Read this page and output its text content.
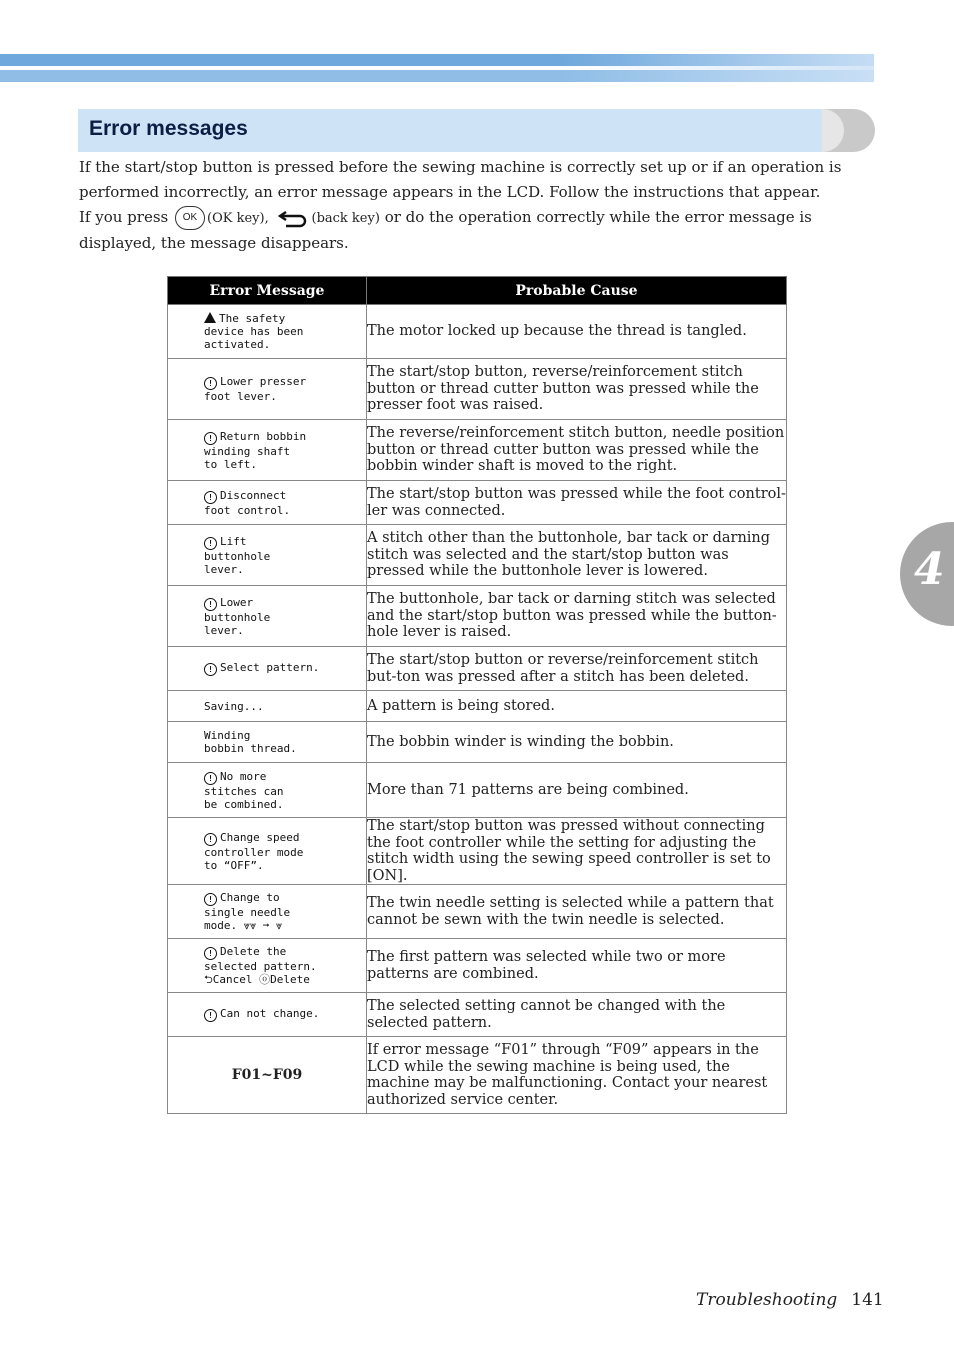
Error messages

If the start/stop button is pressed before the sewing machine is correctly set up or if an operation is performed incorrectly, an error message appears in the LCD. Follow the instructions that appear.

If you press OK (OK key),	(back key) or do the operation correctly while the error message is displayed, the message disappears.

Error Message	Probable Cause

The safety
device has been
activated.	The motor locked up because the thread is tangled.

! Lower presser
foot lever.	The start/stop button, reverse/reinforcement stitch button or thread cutter button was pressed while the presser foot was raised.

! Return bobbin
winding shaft
to left.	The reverse/reinforcement stitch button, needle position button or thread cutter button was pressed while the bobbin winder shaft is moved to the right.

! Disconnect
foot control.	The start/stop button was pressed while the foot control-ler was connected.

! Lift
buttonhole
lever.	A stitch other than the buttonhole, bar tack or darning stitch was selected and the start/stop button was pressed while the buttonhole lever is lowered.

! Lower
buttonhole
lever.	The buttonhole, bar tack or darning stitch was selected and the start/stop button was pressed while the button-hole lever is raised.

! Select pattern.	The start/stop button or reverse/reinforcement stitch but-ton was pressed after a stitch has been deleted.

Saving...	A pattern is being stored.

Winding
bobbin thread.	The bobbin winder is winding the bobbin.

! No more
stitches can
be combined.	More than 71 patterns are being combined.

! Change speed
controller mode
to “OFF”.	The start/stop button was pressed without connecting the foot controller while the setting for adjusting the stitch width using the sewing speed controller is set to [ON].

! Change to
single needle
mode. ⩔⩔ ➞ ⩔	The twin needle setting is selected while a pattern that cannot be sewn with the twin needle is selected.

! Delete the
selected pattern.
⮌Cancel ⓞDelete	The first pattern was selected while two or more patterns are combined.

! Can not change.	The selected setting cannot be changed with the selected pattern.
F01~F09	If error message “F01” through “F09” appears in the LCD while the sewing machine is being used, the machine may be malfunctioning. Contact your nearest authorized service center.
4
Troubleshooting 141
